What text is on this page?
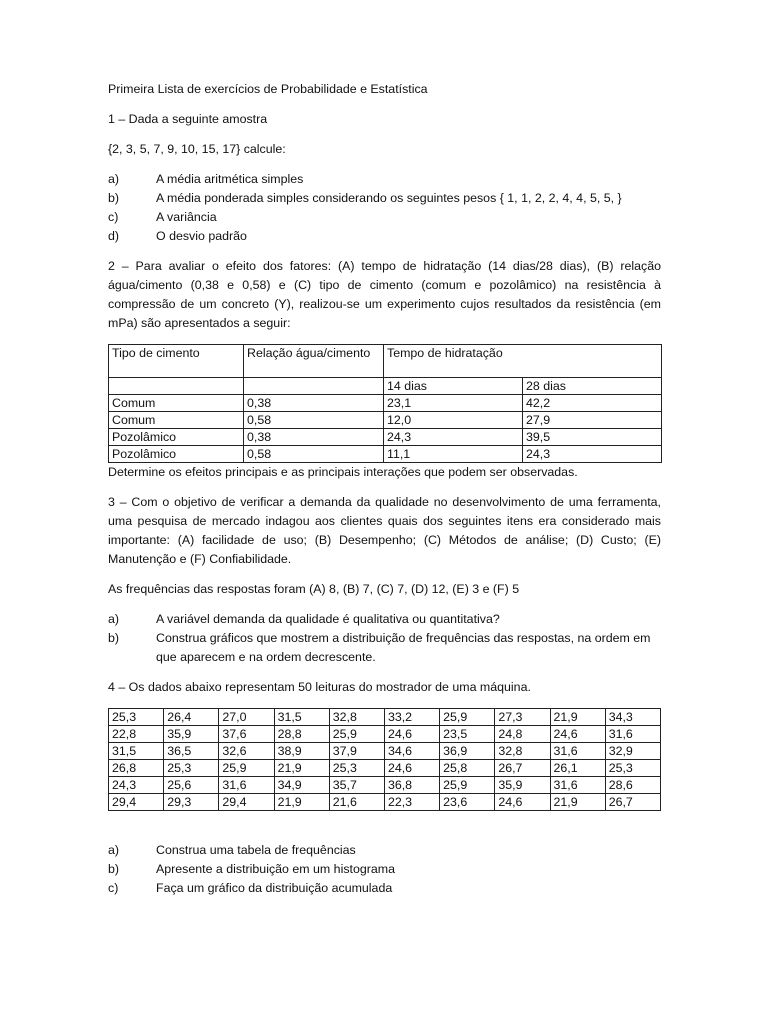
Primeira Lista de exercícios de Probabilidade e Estatística

1 – Dada a seguinte amostra

{2, 3, 5, 7, 9, 10, 15, 17} calcule:

a)	A média aritmética simples
b)	A média ponderada simples considerando os seguintes pesos { 1, 1, 2, 2, 4, 4, 5, 5, }
c)	A variância
d)	O desvio padrão

2 – Para avaliar o efeito dos fatores: (A) tempo de hidratação (14 dias/28 dias), (B) relação água/cimento (0,38 e 0,58) e (C) tipo de cimento (comum e pozolâmico) na resistência à compressão de um concreto (Y), realizou-se um experimento cujos resultados da resistência (em mPa) são apresentados a seguir:

Tipo de cimento	Relação água/cimento	Tempo de hidratação	
		14 dias	28 dias
Comum	0,38	23,1	42,2
Comum	0,58	12,0	27,9
Pozolâmico	0,38	24,3	39,5
Pozolâmico	0,58	11,1	24,3

Determine os efeitos principais e as principais interações que podem ser observadas.

3 – Com o objetivo de verificar a demanda da qualidade no desenvolvimento de uma ferramenta, uma pesquisa de mercado indagou aos clientes quais dos seguintes itens era considerado mais importante: (A) facilidade de uso; (B) Desempenho; (C) Métodos de análise; (D) Custo; (E) Manutenção e (F) Confiabilidade.

As frequências das respostas foram (A) 8, (B) 7, (C) 7, (D) 12, (E) 3 e (F) 5

a)	A variável demanda da qualidade é qualitativa ou quantitativa?
b)	Construa gráficos que mostrem a distribuição de frequências das respostas, na ordem em que aparecem e na ordem decrescente.

4 – Os dados abaixo representam 50 leituras do mostrador de uma máquina.

25,3	26,4	27,0	31,5	32,8	33,2	25,9	27,3	21,9	34,3
22,8	35,9	37,6	28,8	25,9	24,6	23,5	24,8	24,6	31,6
31,5	36,5	32,6	38,9	37,9	34,6	36,9	32,8	31,6	32,9
26,8	25,3	25,9	21,9	25,3	24,6	25,8	26,7	26,1	25,3
24,3	25,6	31,6	34,9	35,7	36,8	25,9	35,9	31,6	28,6
29,4	29,3	29,4	21,9	21,6	22,3	23,6	24,6	21,9	26,7
a)	Construa uma tabela de frequências
b)	Apresente a distribuição em um histograma
c)	Faça um gráfico da distribuição acumulada
